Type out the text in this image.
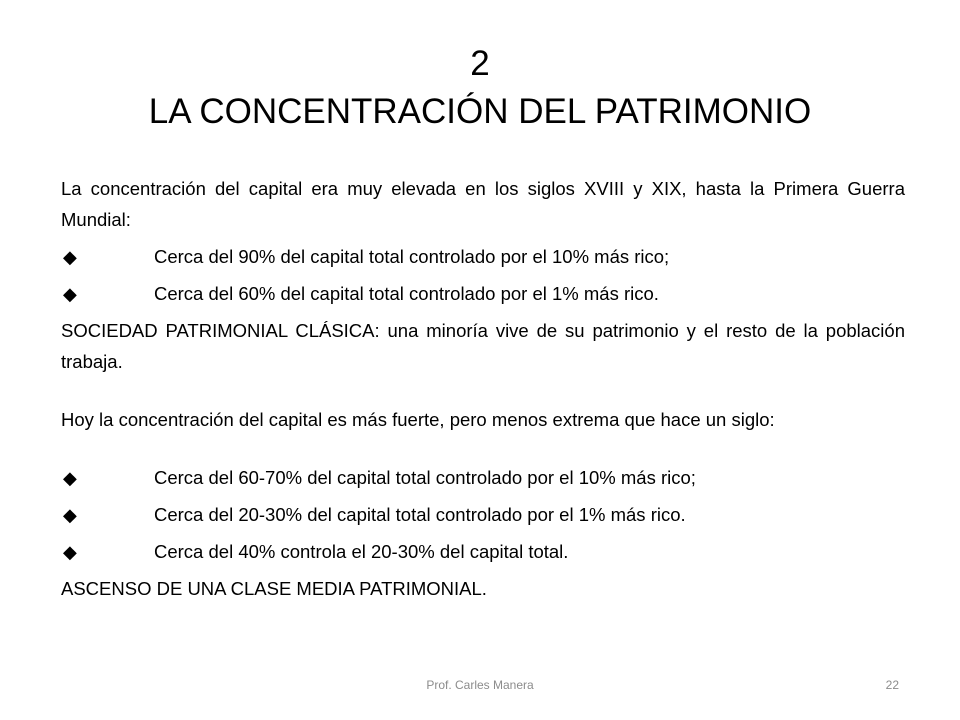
2
LA CONCENTRACIÓN DEL PATRIMONIO

La concentración del capital era muy elevada en los siglos XVIII y XIX, hasta la Primera Guerra Mundial:

◆	Cerca del 90% del capital total controlado por el 10% más rico;
◆	Cerca del 60% del capital total controlado por el 1% más rico.

SOCIEDAD PATRIMONIAL CLÁSICA: una minoría vive de su patrimonio y el resto de la población trabaja.

Hoy la concentración del capital es más fuerte, pero menos extrema que hace un siglo:

◆	Cerca del 60-70% del capital total controlado por el 10% más rico;
◆	Cerca del 20-30% del capital total controlado por el 1% más rico.
◆	Cerca del 40% controla el 20-30% del capital total.

ASCENSO DE UNA CLASE MEDIA PATRIMONIAL.

Prof. Carles Manera	22
